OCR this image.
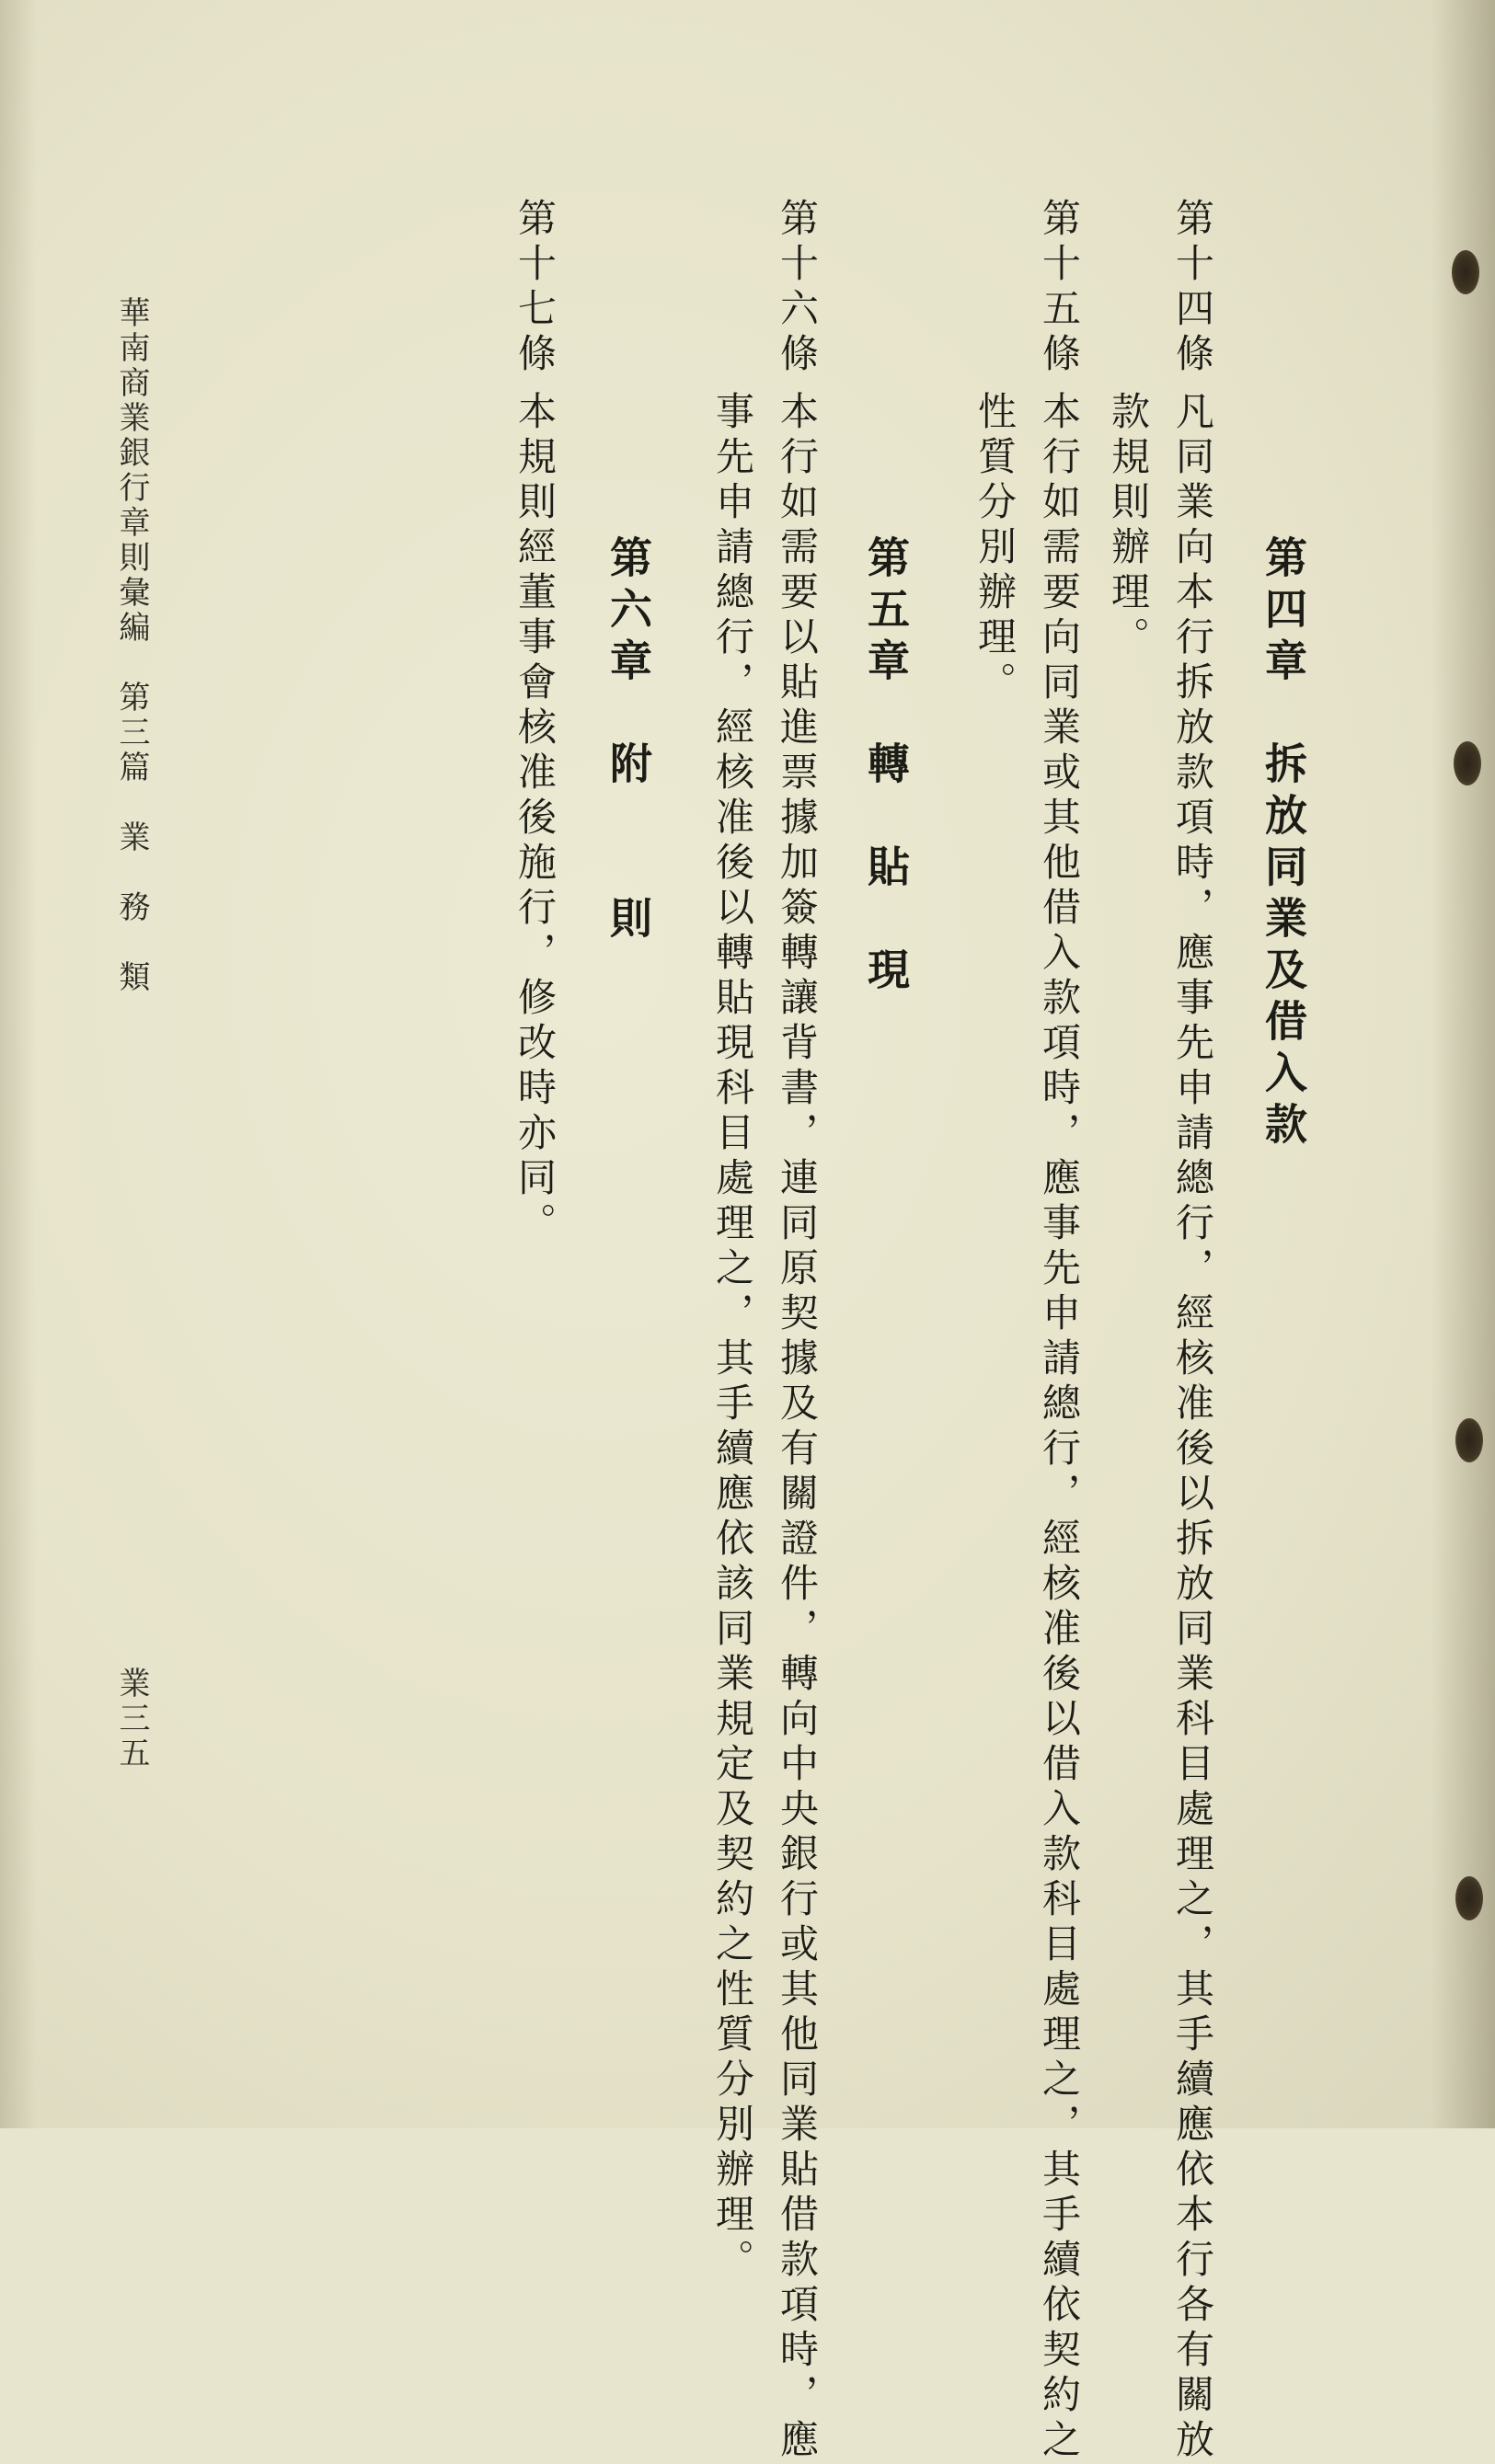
第四章　拆放同業及借入款

第十四條

凡同業向本行拆放款項時，應事先申請總行，經核准後以拆放同業科目處理之，其手續應依本行各有關放

款規則辦理。

第十五條

本行如需要向同業或其他借入款項時，應事先申請總行，經核准後以借入款科目處理之，其手續依契約之

性質分別辦理。

第五章　轉　貼　現

第十六條

本行如需要以貼進票據加簽轉讓背書，連同原契據及有關證件，轉向中央銀行或其他同業貼借款項時，應

事先申請總行，經核准後以轉貼現科目處理之，其手續應依該同業規定及契約之性質分別辦理。

第六章　附　　則

第十七條

本規則經董事會核准後施行，修改時亦同。

華南商業銀行章則彙編　第三篇　業　務　類

業三五
